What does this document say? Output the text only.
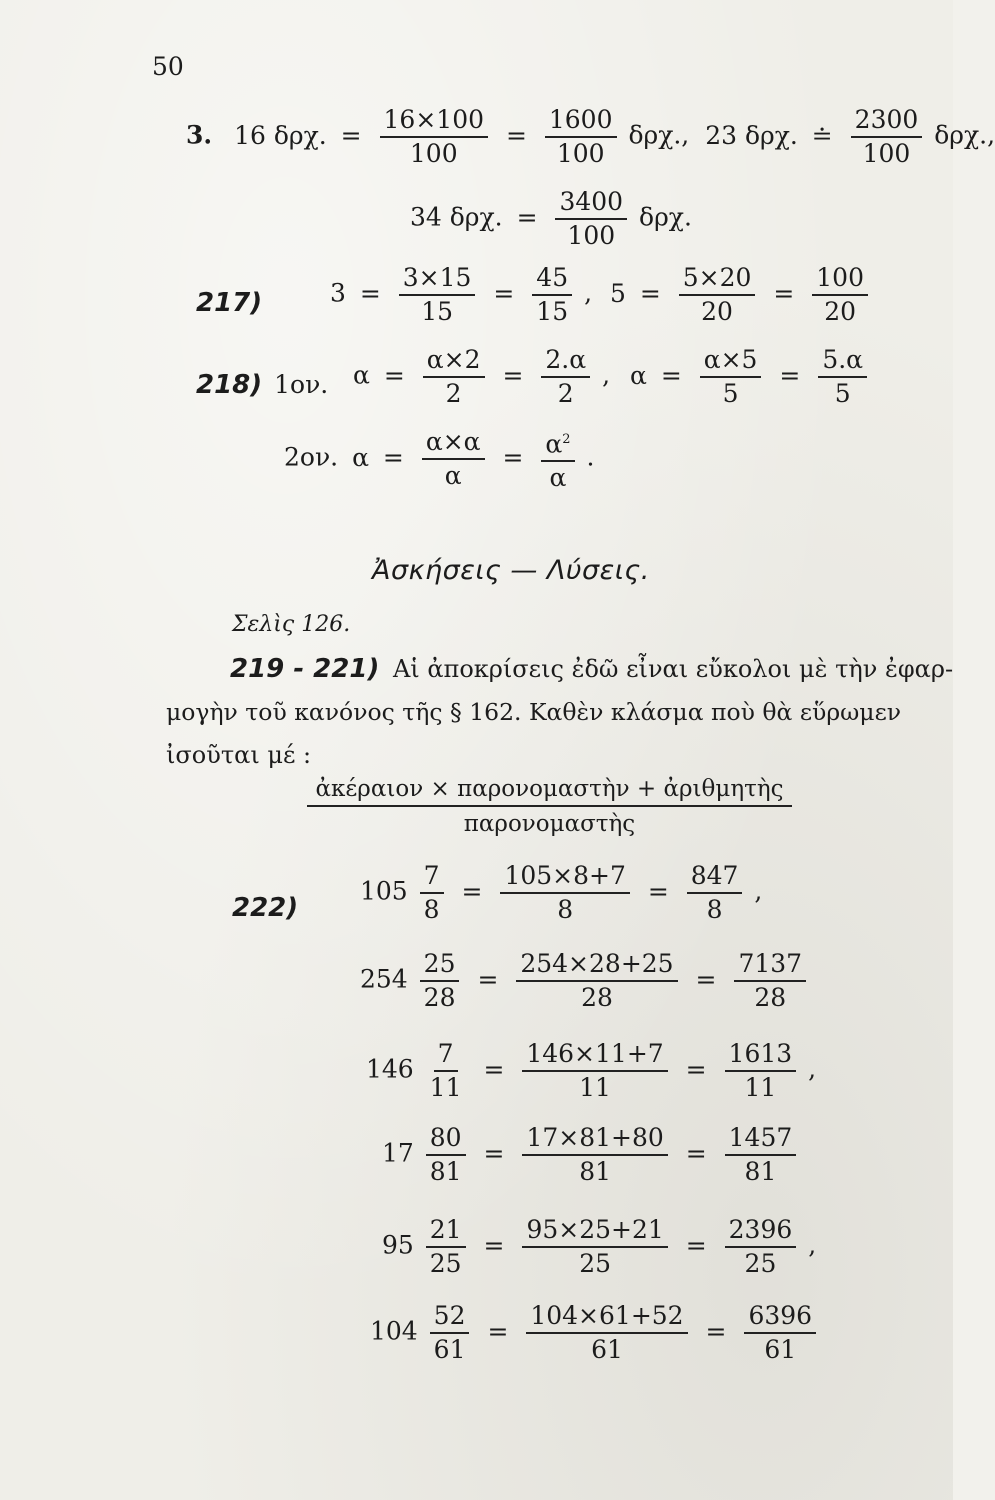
50
3. 16 δρχ. = $\frac{16\times 100}{100} = \frac{1600}{100} \delta\rho\chi$., 23 δρχ. ≐ $\frac{2300}{100} \delta\rho\chi$.,
34 δρχ. = $\frac{3400}{100} \delta\rho\chi$.
217)	$3 = \frac{3\times 15}{15} = \frac{45}{15}$ , $5 = \frac{5\times 20}{20} = \frac{100}{20}$
218) 1ον. $\alpha = \frac{\alpha\times 2}{2} = \frac{2.\alpha}{2}$ , $\alpha = \frac{\alpha\times 5}{5} = \frac{5.\alpha}{5}$
2ον. $\alpha = \frac{\alpha\times\alpha}{\alpha} = \frac{\alpha^2}{\alpha}$ .
Ἀσκήσεις — Λύσεις.
Σελὶς 126.
219 - 221) Αἱ ἀποκρίσεις ἐδῶ εἶναι εὔκολοι μὲ τὴν ἐφαρ-
μογὴν τοῦ κανόνος τῆς § 162. Καθὲν κλάσμα ποὺ θὰ εὕρωμεν
ἰσοῦται μέ :
ἀκέραιον × παρονομαστὴν + ἀριθμητὴς
παρονομαστὴς
222)
$105 \frac{7}{8} = \frac{105\times 8+7}{8} = \frac{847}{8}$ ,
$254 \frac{25}{28} = \frac{254\times 28+25}{28} = \frac{7137}{28}$
$146 \frac{7}{11} = \frac{146\times 11+7}{11} = \frac{1613}{11}$ ,
$17 \frac{80}{81} = \frac{17\times 81+80}{81} = \frac{1457}{81}$
$95 \frac{21}{25} = \frac{95\times 25+21}{25} = \frac{2396}{25}$ ,
$104 \frac{52}{61} = \frac{104\times 61+52}{61} = \frac{6396}{61}$
